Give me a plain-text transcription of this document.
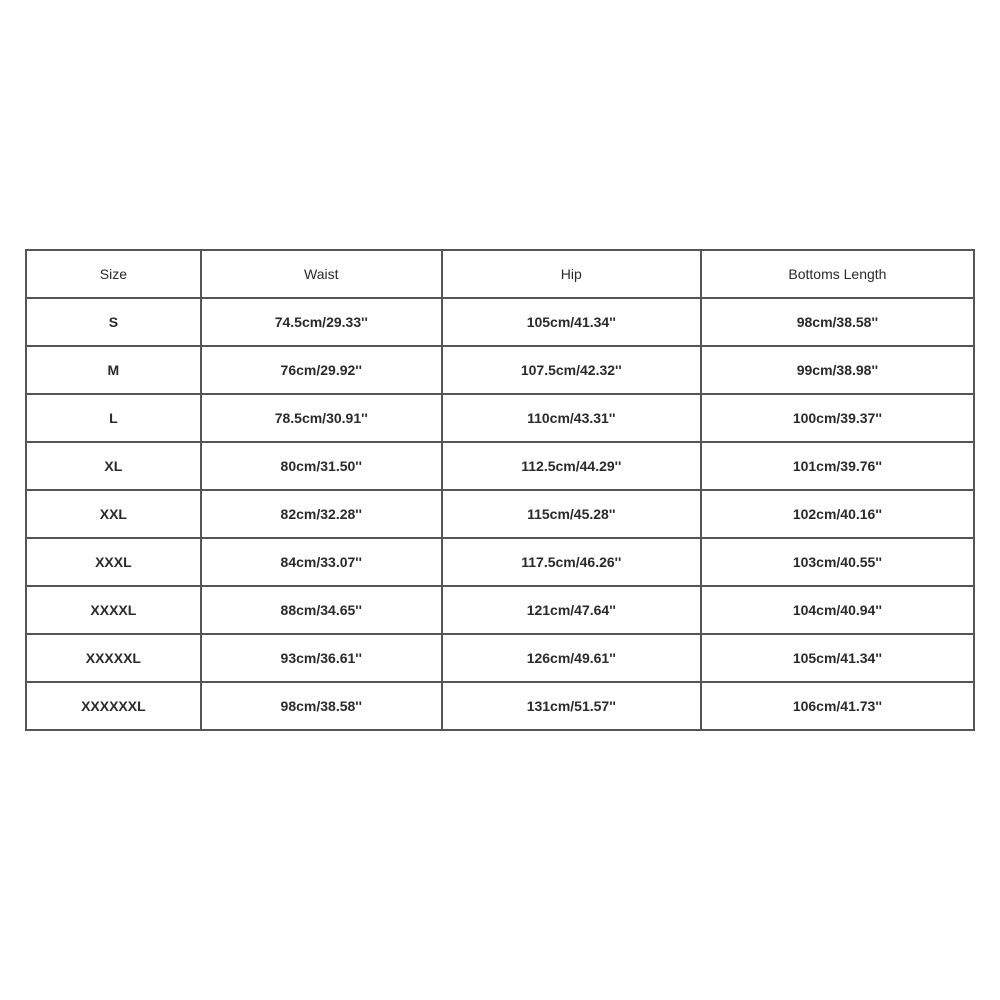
Size	Waist	Hip	Bottoms Length
S	74.5cm/29.33''	105cm/41.34''	98cm/38.58''
M	76cm/29.92''	107.5cm/42.32''	99cm/38.98''
L	78.5cm/30.91''	110cm/43.31''	100cm/39.37''
XL	80cm/31.50''	112.5cm/44.29''	101cm/39.76''
XXL	82cm/32.28''	115cm/45.28''	102cm/40.16''
XXXL	84cm/33.07''	117.5cm/46.26''	103cm/40.55''
XXXXL	88cm/34.65''	121cm/47.64''	104cm/40.94''
XXXXXL	93cm/36.61''	126cm/49.61''	105cm/41.34''
XXXXXXL	98cm/38.58''	131cm/51.57''	106cm/41.73''
